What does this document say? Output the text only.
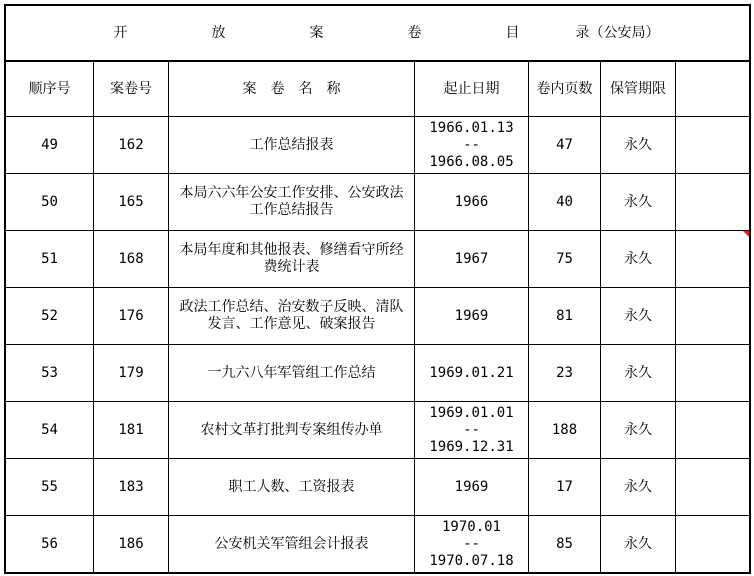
开 放 案 卷 目 录（公安局）						
顺序号	案卷号	案　卷　名　称	起止日期	卷内页数	保管期限	
49	162	工作总结报表	1966.01.13
--
1966.08.05	47	永久	
50	165	本局六六年公安工作安排、公安政法
工作总结报告	1966	40	永久	
51	168	本局年度和其他报表、修缮看守所经
费统计表	1967	75	永久	

52	176	政法工作总结、治安数子反映、清队
发言、工作意见、破案报告	1969	81	永久	
53	179	一九六八年军管组工作总结	1969.01.21	23	永久	
54	181	农村文革打批判专案组传办单	1969.01.01
--
1969.12.31	188	永久	
55	183	职工人数、工资报表	1969	17	永久	
56	186	公安机关军管组会计报表	1970.01
--
1970.07.18	85	永久	
